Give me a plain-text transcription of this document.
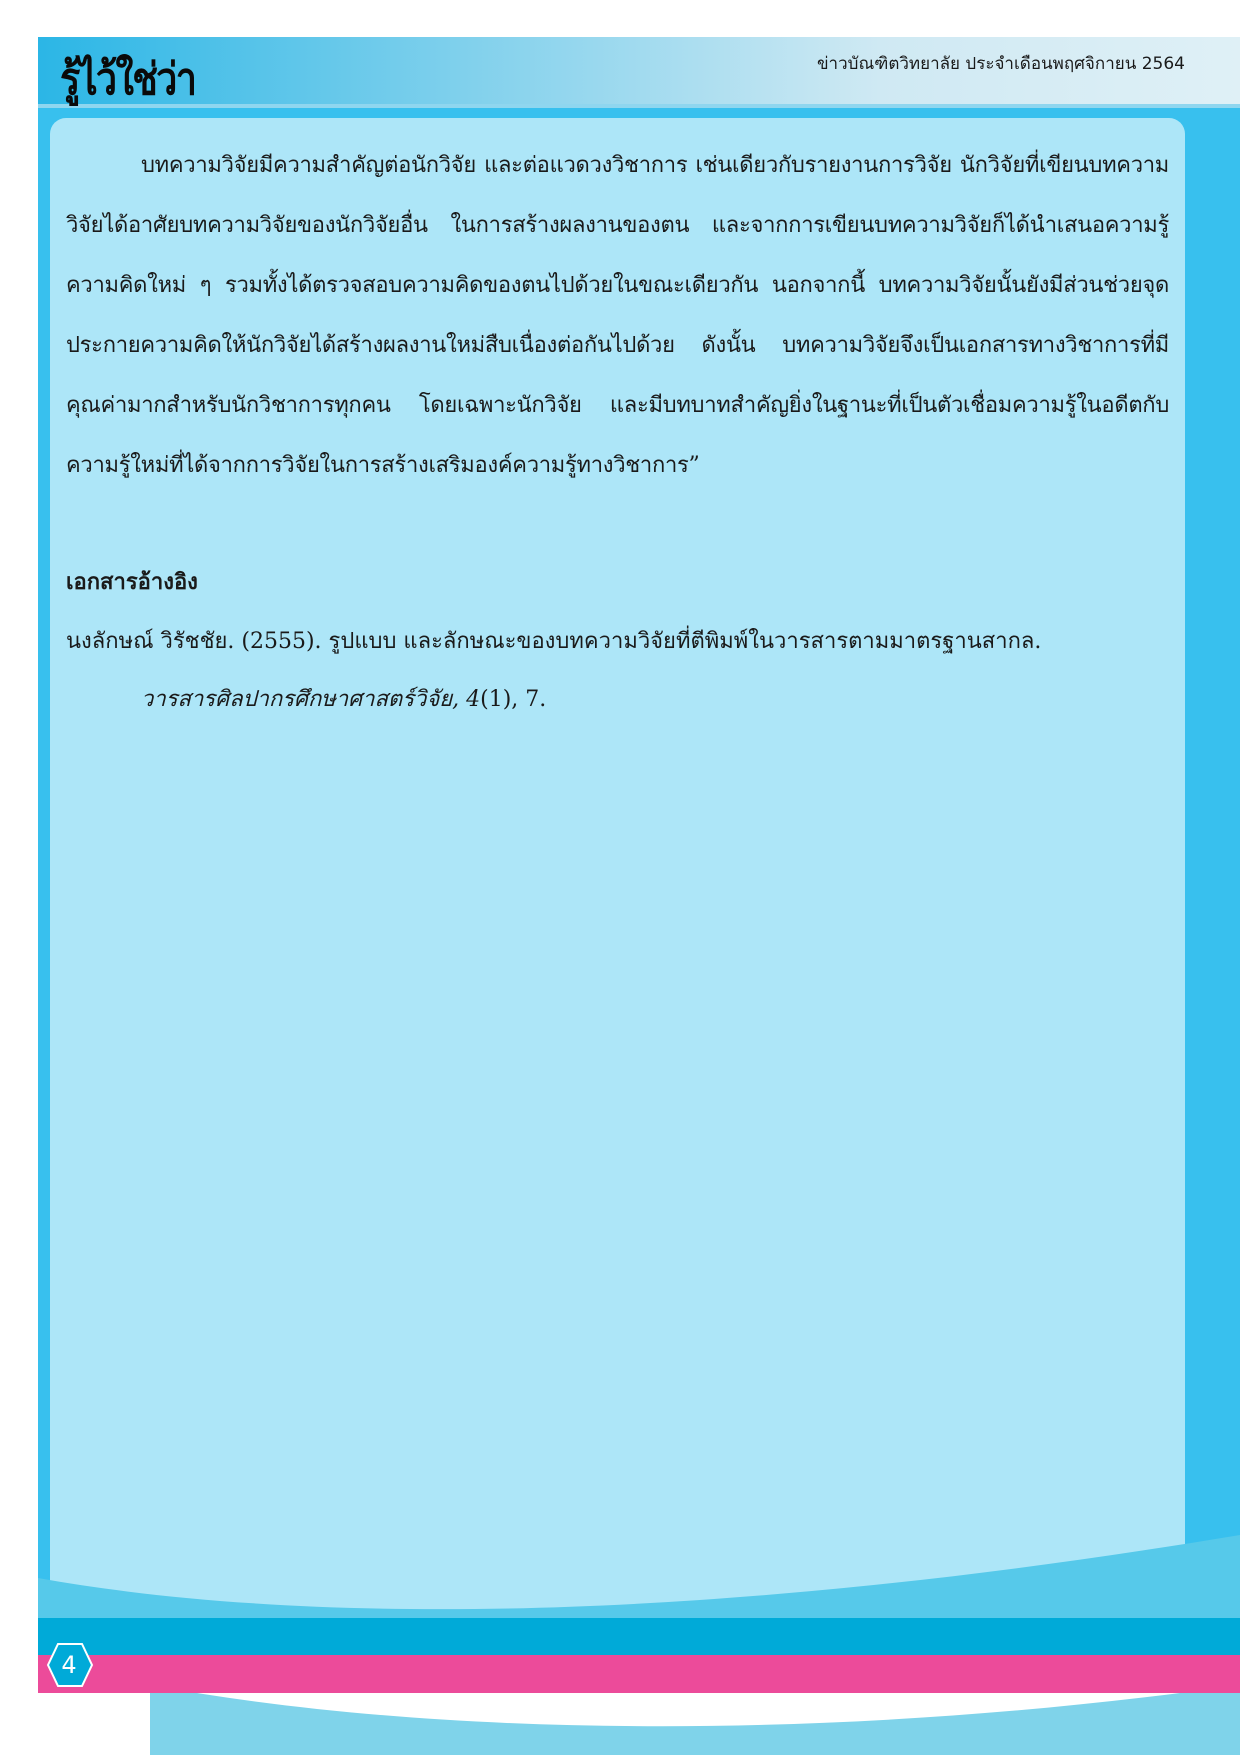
รู้ไว้ใช่ว่า	ข่าวบัณฑิตวิทยาลัย ประจำเดือนพฤศจิกายน 2564

บทความวิจัยมีความสำคัญต่อนักวิจัย และต่อแวดวงวิชาการ เช่นเดียวกับรายงานการวิจัย นักวิจัยที่เขียนบทความวิจัยได้อาศัยบทความวิจัยของนักวิจัยอื่น ในการสร้างผลงานของตน และจากการเขียนบทความวิจัยก็ได้นำเสนอความรู้ความคิดใหม่ ๆ รวมทั้งได้ตรวจสอบความคิดของตนไปด้วยในขณะเดียวกัน นอกจากนี้ บทความวิจัยนั้นยังมีส่วนช่วยจุดประกายความคิดให้นักวิจัยได้สร้างผลงานใหม่สืบเนื่องต่อกันไปด้วย ดังนั้น บทความวิจัยจึงเป็นเอกสารทางวิชาการที่มีคุณค่ามากสำหรับนักวิชาการทุกคน โดยเฉพาะนักวิจัย และมีบทบาทสำคัญยิ่งในฐานะที่เป็นตัวเชื่อมความรู้ในอดีตกับความรู้ใหม่ที่ได้จากการวิจัยในการสร้างเสริมองค์ความรู้ทางวิชาการ”

เอกสารอ้างอิง

นงลักษณ์ วิรัชชัย. (2555). รูปแบบ และลักษณะของบทความวิจัยที่ตีพิมพ์ในวารสารตามมาตรฐานสากล.

วารสารศิลปากรศึกษาศาสตร์วิจัย, 4(1), 7.

4
